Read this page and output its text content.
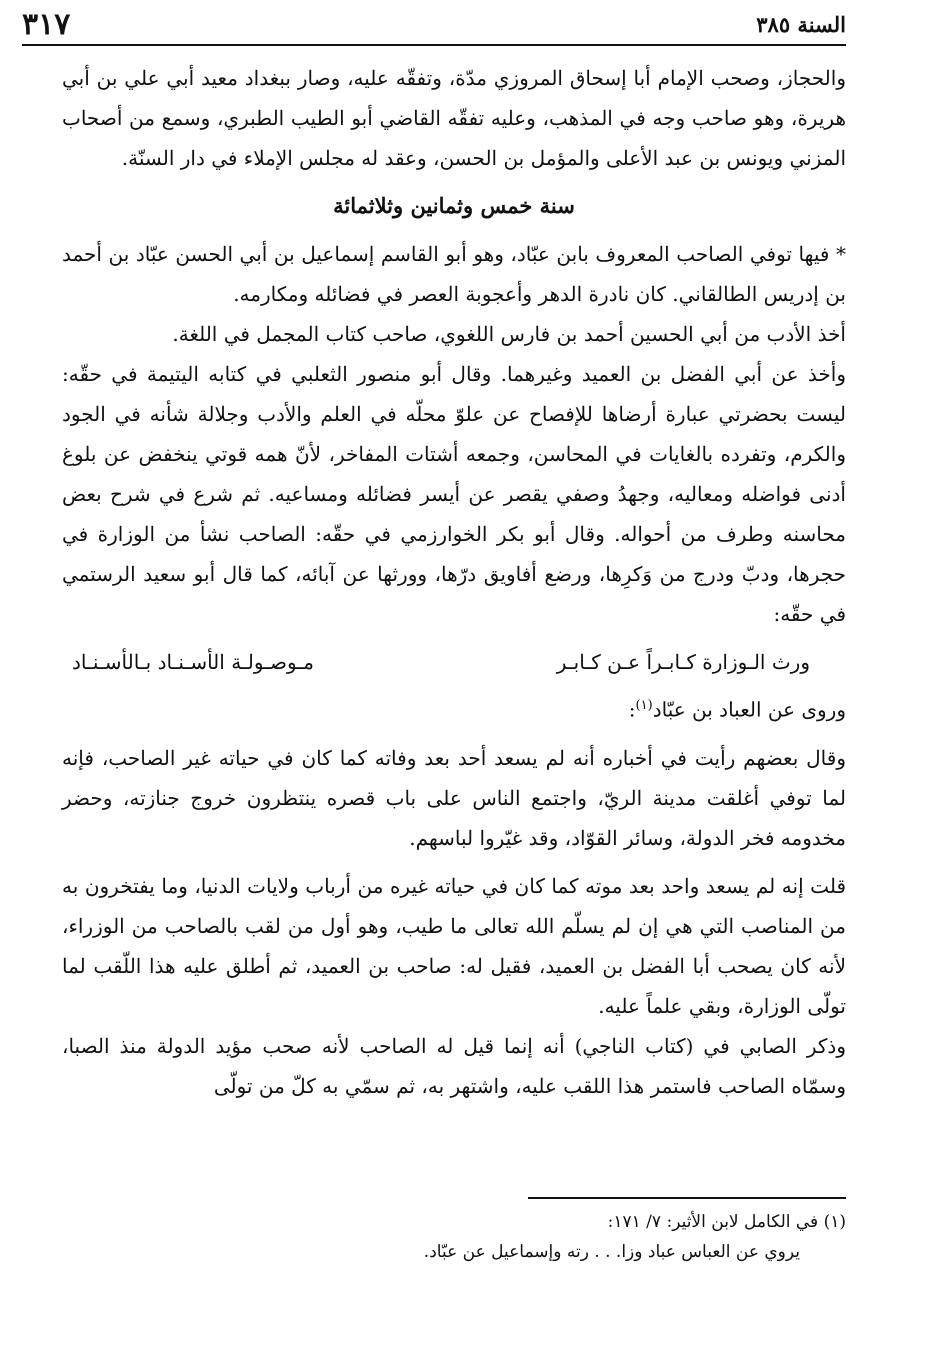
السنة ٣٨٥
٣١٧

والحجاز، وصحب الإمام أبا إسحاق المروزي مدّة، وتفقّه عليه، وصار ببغداد معيد أبي علي بن أبي هريرة، وهو صاحب وجه في المذهب، وعليه تفقّه القاضي أبو الطيب الطبري، وسمع من أصحاب المزني ويونس بن عبد الأعلى والمؤمل بن الحسن، وعقد له مجلس الإملاء في دار السنّة.

سنة خمس وثمانين وثلاثمائة

* فيها توفي الصاحب المعروف بابن عبّاد، وهو أبو القاسم إسماعيل بن أبي الحسن عبّاد بن أحمد بن إدريس الطالقاني. كان نادرة الدهر وأعجوبة العصر في فضائله ومكارمه.

أخذ الأدب من أبي الحسين أحمد بن فارس اللغوي، صاحب كتاب المجمل في اللغة.

وأخذ عن أبي الفضل بن العميد وغيرهما. وقال أبو منصور الثعلبي في كتابه اليتيمة في حقّه: ليست بحضرتي عبارة أرضاها للإفصاح عن علوّ محلّه في العلم والأدب وجلالة شأنه في الجود والكرم، وتفرده بالغايات في المحاسن، وجمعه أشتات المفاخر، لأنّ همه قوتي ينخفض عن بلوغ أدنى فواضله ومعاليه، وجهدُ وصفي يقصر عن أيسر فضائله ومساعيه. ثم شرع في شرح بعض محاسنه وطرف من أحواله. وقال أبو بكر الخوارزمي في حقّه: الصاحب نشأ من الوزارة في حجرها، ودبّ ودرج من وَكرِها، ورضع أفاويق درّها، وورثها عن آبائه، كما قال أبو سعيد الرستمي في حقّه:

ورث الـوزارة كـابـراً عـن كـابـر
مـوصـولـة الأسـنـاد بـالأسـنـاد

وروى عن العباد بن عبّاد$^{(١)}$:

وقال بعضهم رأيت في أخباره أنه لم يسعد أحد بعد وفاته كما كان في حياته غير الصاحب، فإنه لما توفي أغلقت مدينة الريّ، واجتمع الناس على باب قصره ينتظرون خروج جنازته، وحضر مخدومه فخر الدولة، وسائر القوّاد، وقد غيّروا لباسهم.

قلت إنه لم يسعد واحد بعد موته كما كان في حياته غيره من أرباب ولايات الدنيا، وما يفتخرون به من المناصب التي هي إن لم يسلّم الله تعالى ما طيب، وهو أول من لقب بالصاحب من الوزراء، لأنه كان يصحب أبا الفضل بن العميد، فقيل له: صاحب بن العميد، ثم أطلق عليه هذا اللّقب لما تولّى الوزارة، وبقي علماً عليه.

وذكر الصابي في (كتاب الناجي) أنه إنما قيل له الصاحب لأنه صحب مؤيد الدولة منذ الصبا، وسمّاه الصاحب فاستمر هذا اللقب عليه، واشتهر به، ثم سمّي به كلّ من تولّى

(١) في الكامل لابن الأثير: ٧/ ١٧١:

يروي عن العباس عباد وزا. . . رته وإسماعيل عن عبّاد.
